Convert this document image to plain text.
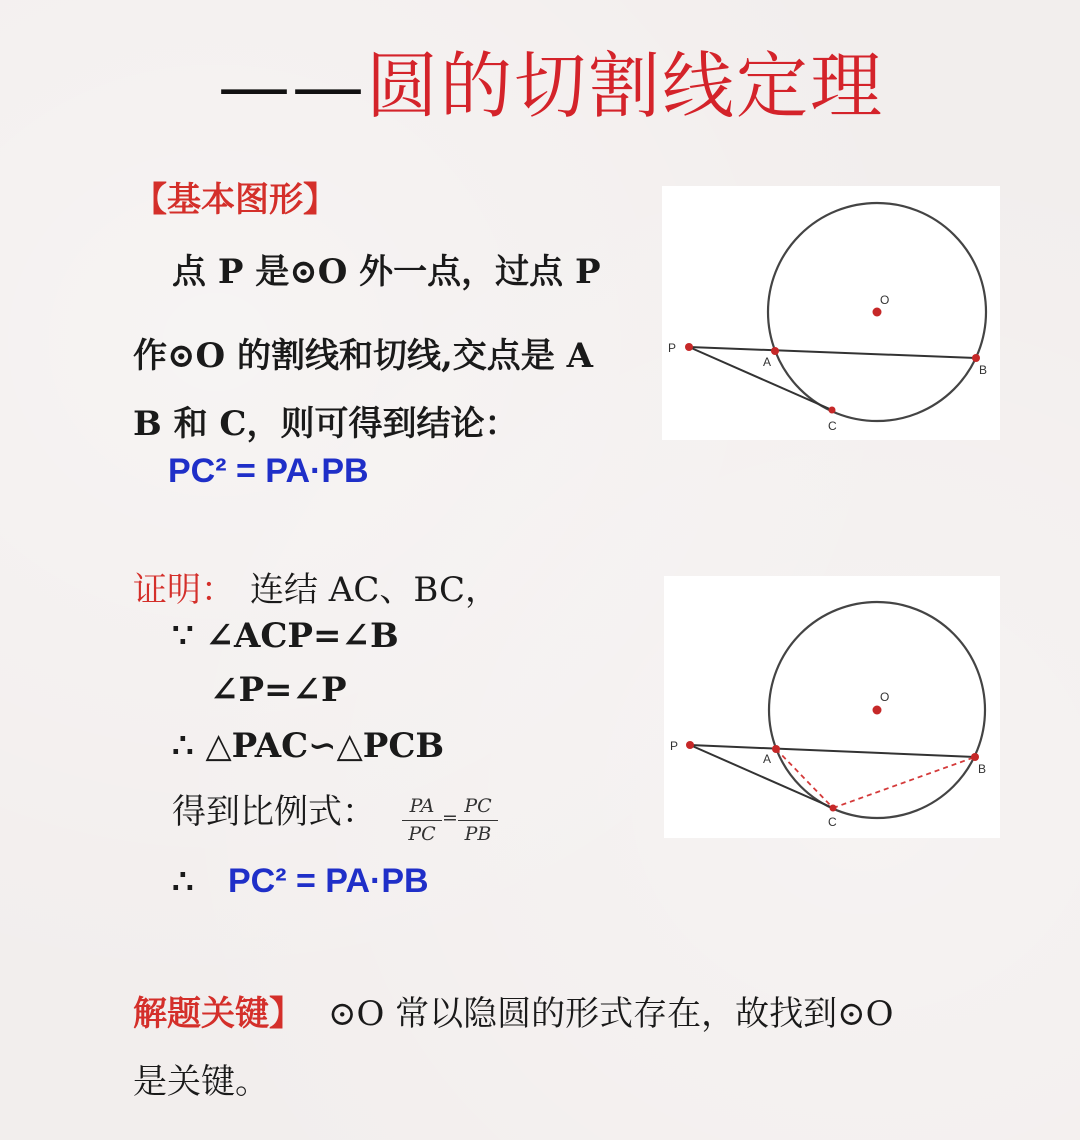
——圆的切割线定理
【基本图形】
点 P 是⊙O 外一点，过点 P
作⊙O 的割线和切线,交点是 A
B 和 C，则可得到结论：
PC² = PA·PB
O
P
A
B
C
证明： 连结 AC、BC，
∵ ∠ACP=∠B
∠P=∠P
∴ △PAC∽△PCB
得到比例式：	PA
PC
=
PC
PB
∴ PC² = PA·PB
O
P
A
B
C
解题关键】 ⊙O 常以隐圆的形式存在，故找到⊙O
是关键。
